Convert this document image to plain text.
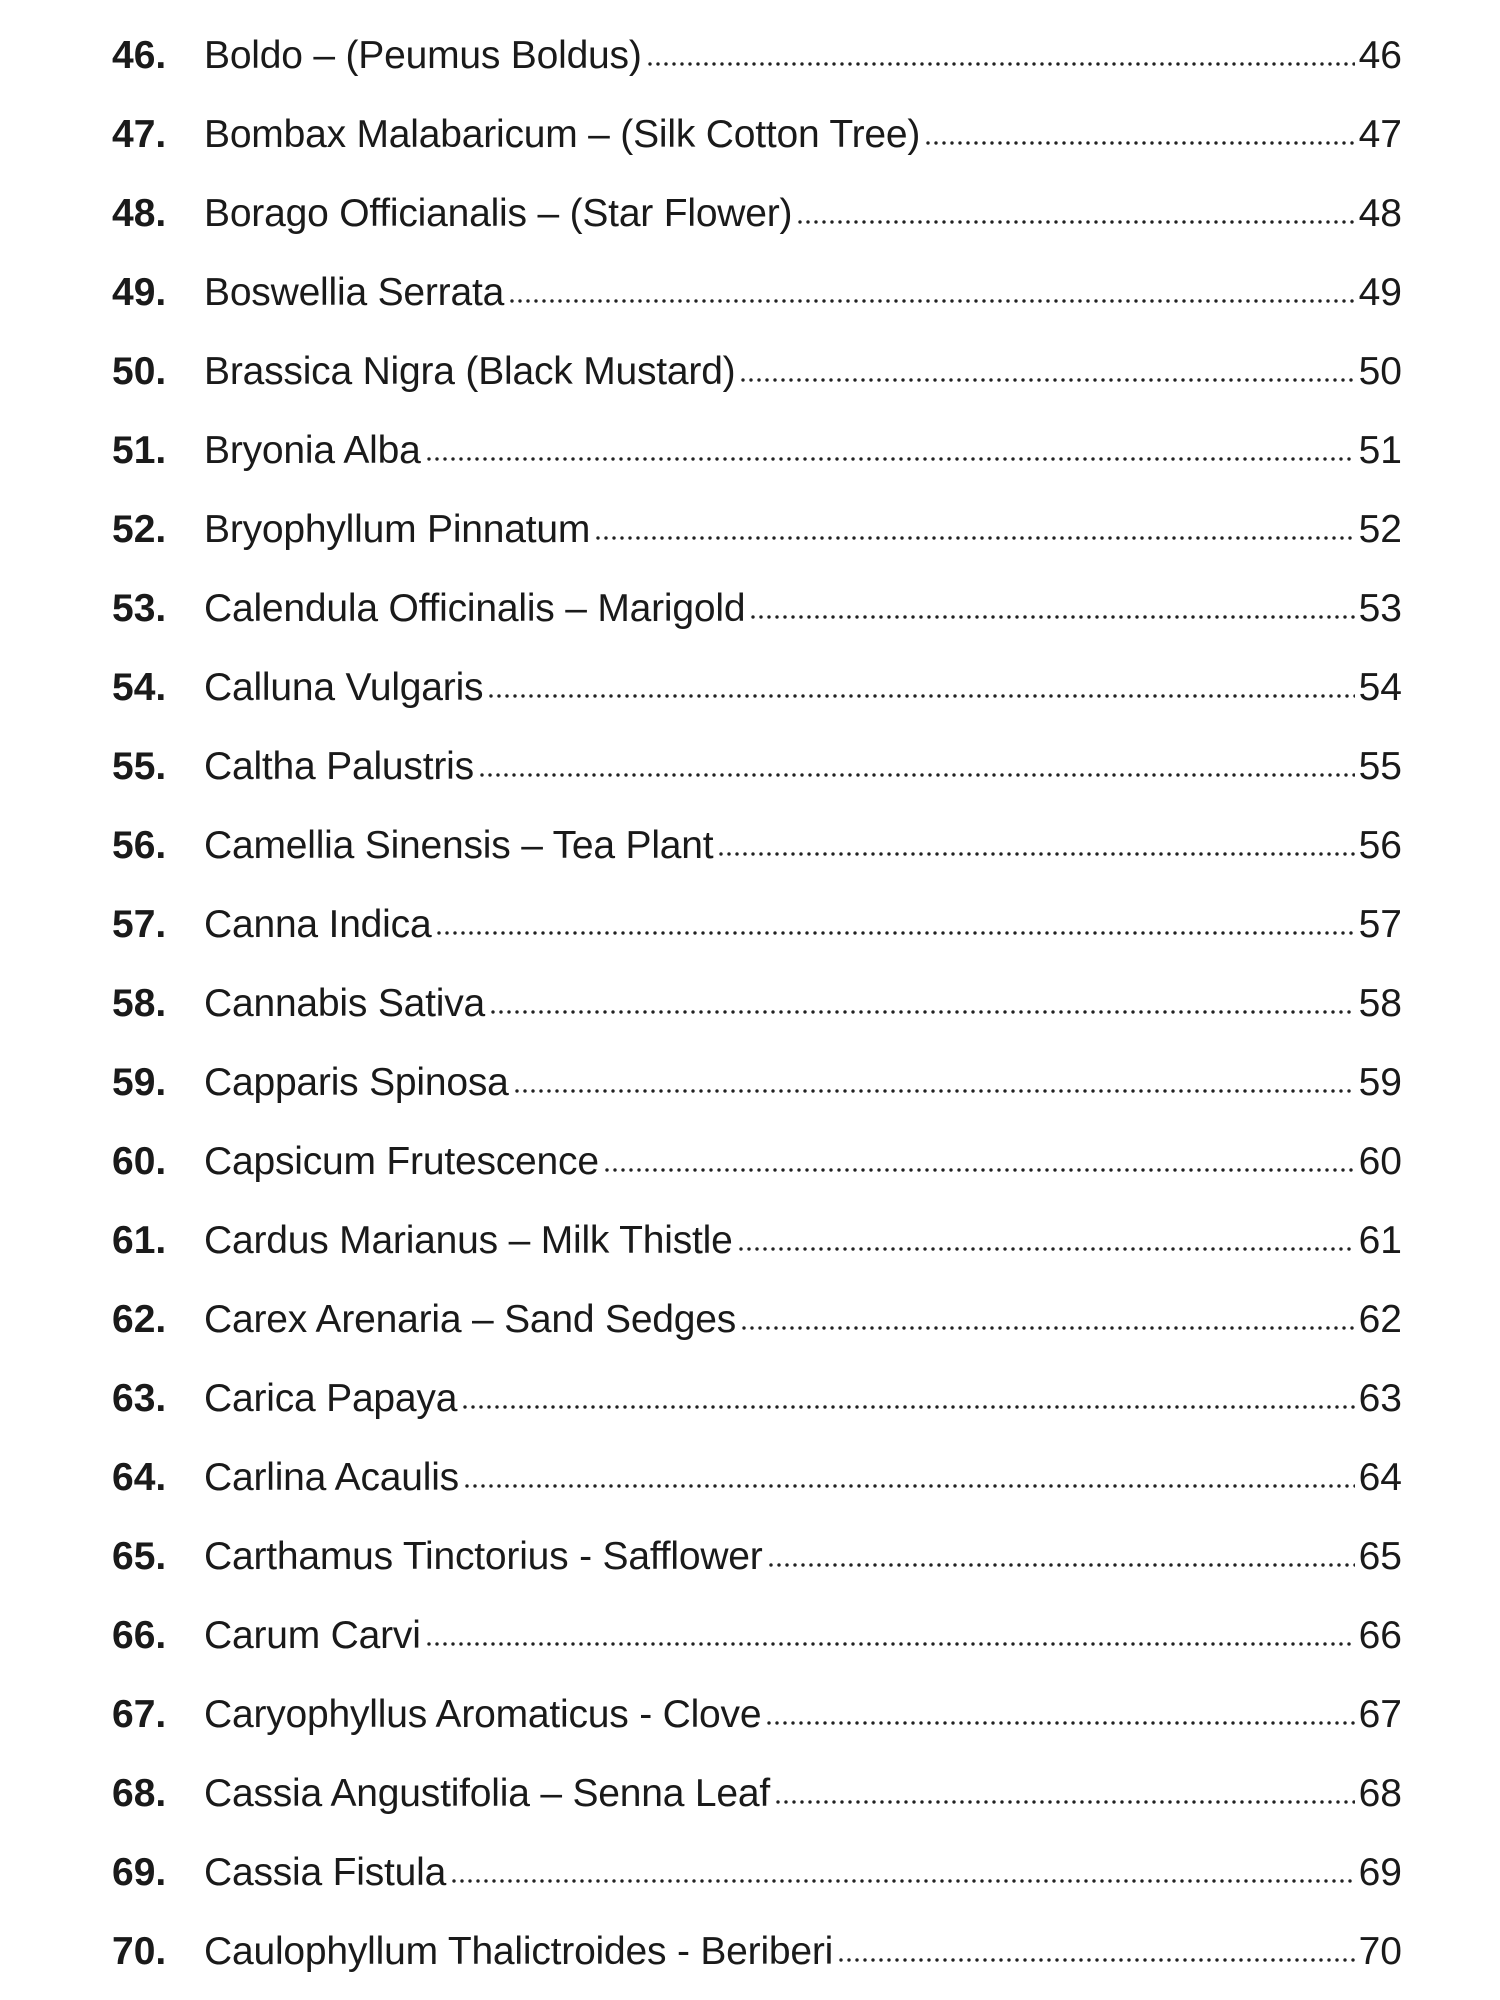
46. Boldo – (Peumus Boldus)	46
47. Bombax Malabaricum – (Silk Cotton Tree)	47
48. Borago Officianalis – (Star Flower)	48
49. Boswellia Serrata	49
50. Brassica Nigra (Black Mustard)	50
51. Bryonia Alba	51
52. Bryophyllum Pinnatum	52
53. Calendula Officinalis – Marigold	53
54. Calluna Vulgaris	54
55. Caltha Palustris	55
56. Camellia Sinensis – Tea Plant	56
57. Canna Indica	57
58. Cannabis Sativa	58
59. Capparis Spinosa	59
60. Capsicum Frutescence	60
61. Cardus Marianus – Milk Thistle	61
62. Carex Arenaria – Sand Sedges	62
63. Carica Papaya	63
64. Carlina Acaulis	64
65. Carthamus Tinctorius - Safflower	65
66. Carum Carvi	66
67. Caryophyllus Aromaticus - Clove	67
68. Cassia Angustifolia – Senna Leaf	68
69. Cassia Fistula	69
70. Caulophyllum Thalictroides - Beriberi	70
